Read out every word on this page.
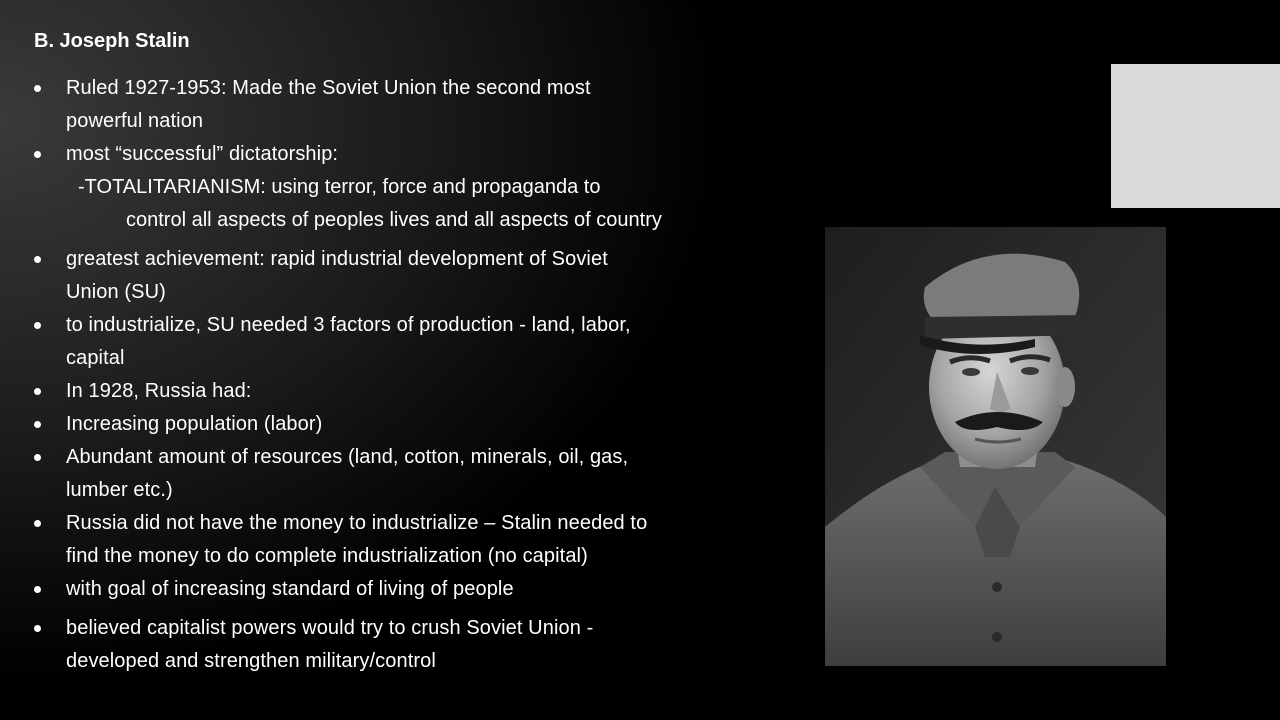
B. Joseph Stalin
Ruled 1927-1953: Made the Soviet Union the second most
powerful nation
most “successful” dictatorship:
-TOTALITARIANISM: using terror, force and propaganda to
control all aspects of peoples lives and all aspects of country
greatest achievement: rapid industrial development of Soviet
Union (SU)
to industrialize, SU needed 3 factors of production - land, labor,
capital
In 1928, Russia had:
Increasing population (labor)
Abundant amount of resources (land, cotton, minerals, oil, gas,
lumber etc.)
Russia did not have the money to industrialize – Stalin needed to
find the money to do complete industrialization (no capital)
with goal of increasing standard of living of people
believed capitalist powers would try to crush Soviet Union -
developed and strengthen military/control
